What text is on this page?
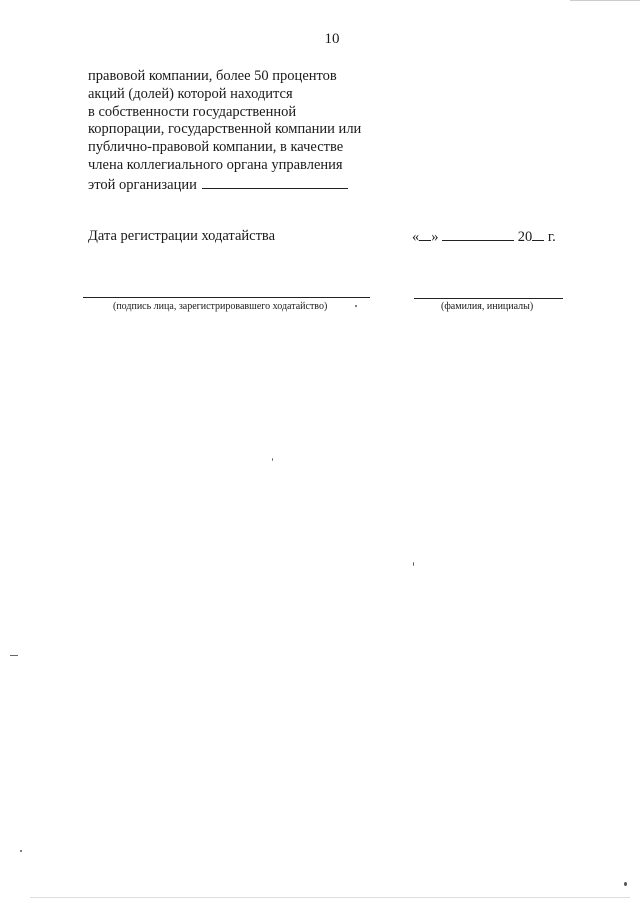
10
правовой компании, более 50 процентов
акций (долей) которой находится
в собственности государственной
корпорации, государственной компании или
публично-правовой компании, в качестве
члена коллегиального органа управления
этой организации
Дата регистрации ходатайства	« »	20 г.
(подпись лица, зарегистрировавшего ходатайство)	(фамилия, инициалы)
